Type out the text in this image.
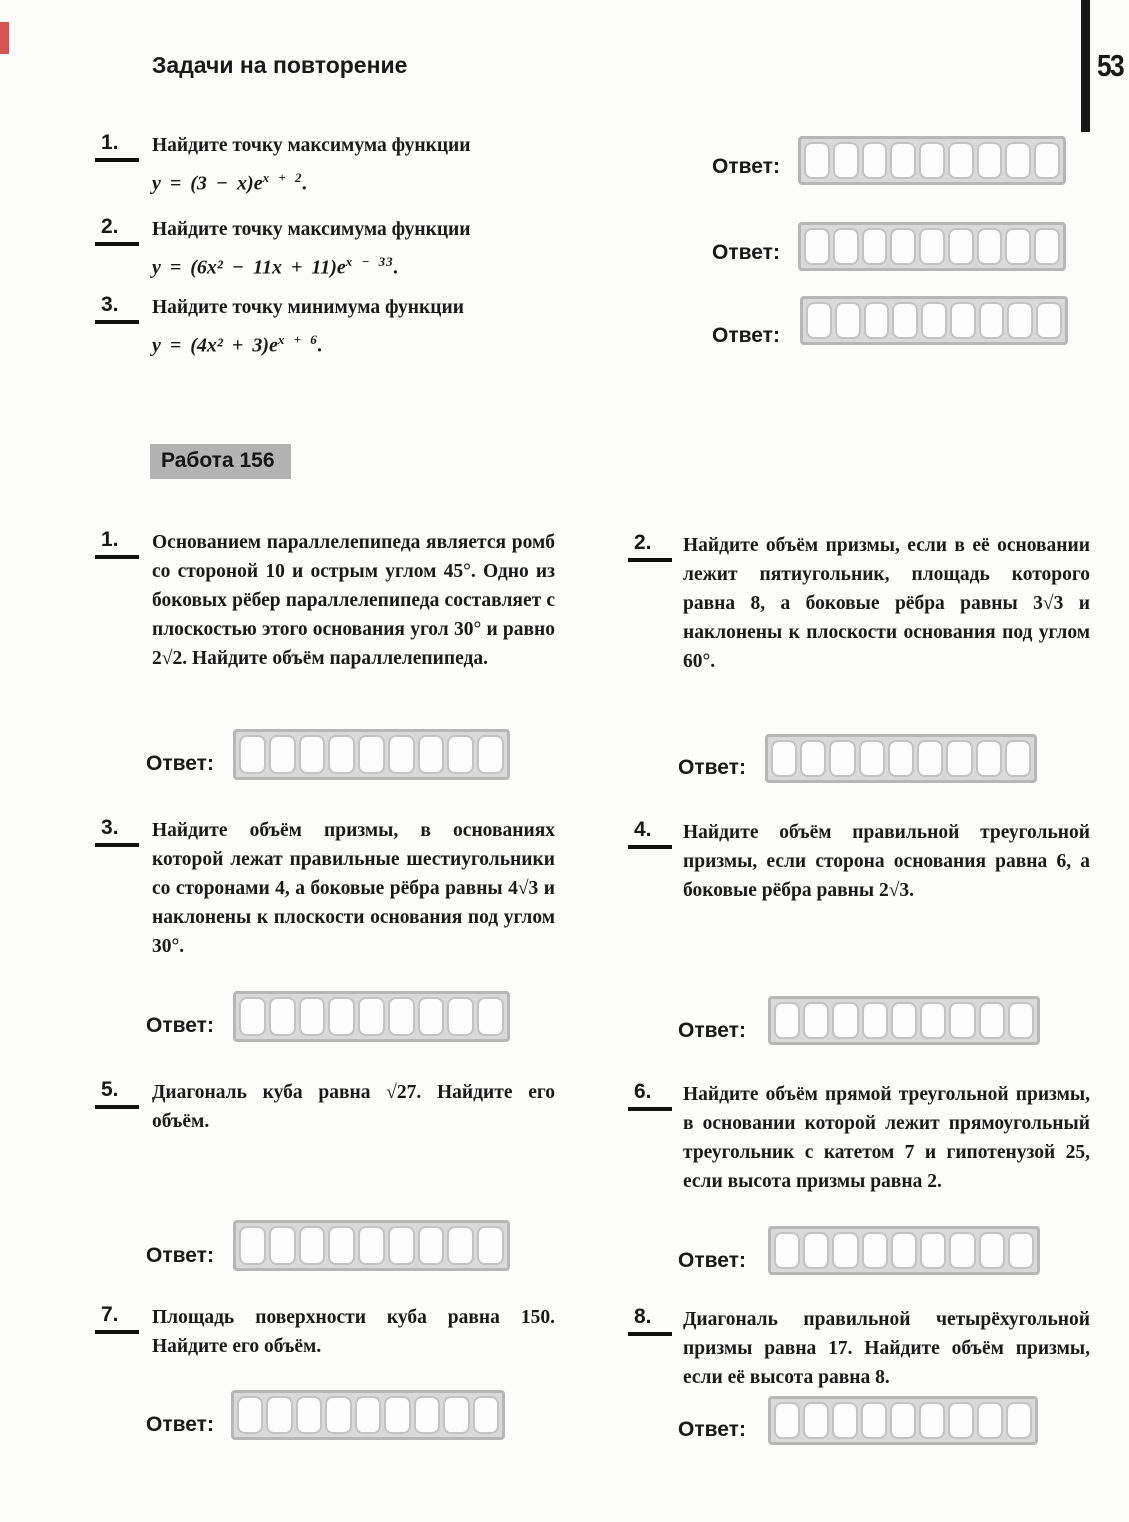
Задачи на повторение	53
1.	Найдите точку максимума функции
$y = (3 - x)e^{x + 2}$.
Ответ:
2.	Найдите точку максимума функции
$y = (6x^2 - 11x + 11)e^{x - 33}$.
Ответ:
3.	Найдите точку минимума функции
$y = (4x^2 + 3)e^{x + 6}$.	Ответ:
Работа 156
1.	Основанием параллелепипеда является ромб со стороной 10 и острым углом 45°. Одно из боковых рёбер параллелепипеда составляет с плоскостью этого основания угол 30° и равно 2√2. Найдите объём параллелепипеда.
2.	Найдите объём призмы, если в её основании лежит пятиугольник, площадь которого равна 8, а боковые рёбра равны 3√3 и наклонены к плоскости основания под углом 60°.
Ответ:	Ответ:
3.	Найдите объём призмы, в основаниях которой лежат правильные шестиугольники со сторонами 4, а боковые рёбра равны 4√3 и наклонены к плоскости основания под углом 30°.
4.	Найдите объём правильной треугольной призмы, если сторона основания равна 6, а боковые рёбра равны 2√3.
Ответ:	Ответ:
5.	Диагональ куба равна √27. Найдите его объём.
6.	Найдите объём прямой треугольной призмы, в основании которой лежит прямоугольный треугольник с катетом 7 и гипотенузой 25, если высота призмы равна 2.
Ответ:	Ответ:
7.	Площадь поверхности куба равна 150. Найдите его объём.
8.	Диагональ правильной четырёхугольной призмы равна 17. Найдите объём призмы, если её высота равна 8.
Ответ:	Ответ:
